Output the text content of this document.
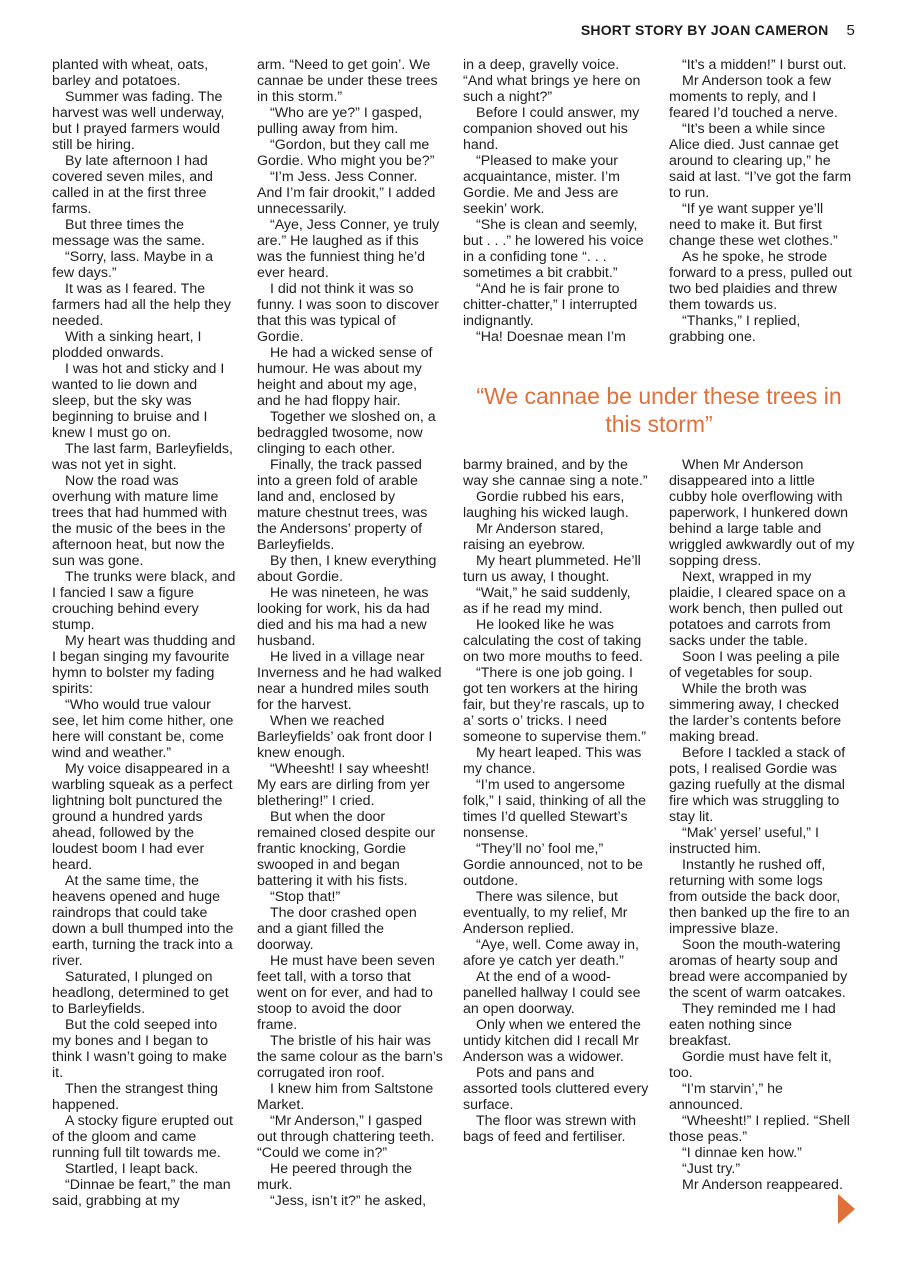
SHORT STORY BY JOAN CAMERON 5

planted with wheat, oats, barley and potatoes.

Summer was fading. The harvest was well underway, but I prayed farmers would still be hiring.

By late afternoon I had covered seven miles, and called in at the first three farms.

But three times the message was the same.

“Sorry, lass. Maybe in a few days.”

It was as I feared. The farmers had all the help they needed.

With a sinking heart, I plodded onwards.

I was hot and sticky and I wanted to lie down and sleep, but the sky was beginning to bruise and I knew I must go on.

The last farm, Barleyfields, was not yet in sight.

Now the road was overhung with mature lime trees that had hummed with the music of the bees in the afternoon heat, but now the sun was gone.

The trunks were black, and I fancied I saw a figure crouching behind every stump.

My heart was thudding and I began singing my favourite hymn to bolster my fading spirits:

“Who would true valour see, let him come hither, one here will constant be, come wind and weather.”

My voice disappeared in a warbling squeak as a perfect lightning bolt punctured the ground a hundred yards ahead, followed by the loudest boom I had ever heard.

At the same time, the heavens opened and huge raindrops that could take down a bull thumped into the earth, turning the track into a river.

Saturated, I plunged on headlong, determined to get to Barleyfields.

But the cold seeped into my bones and I began to think I wasn’t going to make it.

Then the strangest thing happened.

A stocky figure erupted out of the gloom and came running full tilt towards me.

Startled, I leapt back.

“Dinnae be feart,” the man said, grabbing at my

arm. “Need to get goin’. We cannae be under these trees in this storm.”

“Who are ye?” I gasped, pulling away from him.

“Gordon, but they call me Gordie. Who might you be?”

“I’m Jess. Jess Conner. And I’m fair drookit,” I added unnecessarily.

“Aye, Jess Conner, ye truly are.” He laughed as if this was the funniest thing he’d ever heard.

I did not think it was so funny. I was soon to discover that this was typical of Gordie.

He had a wicked sense of humour. He was about my height and about my age, and he had floppy hair.

Together we sloshed on, a bedraggled twosome, now clinging to each other.

Finally, the track passed into a green fold of arable land and, enclosed by mature chestnut trees, was the Andersons’ property of Barleyfields.

By then, I knew everything about Gordie.

He was nineteen, he was looking for work, his da had died and his ma had a new husband.

He lived in a village near Inverness and he had walked near a hundred miles south for the harvest.

When we reached Barleyfields’ oak front door I knew enough.

“Wheesht! I say wheesht! My ears are dirling from yer blethering!” I cried.

But when the door remained closed despite our frantic knocking, Gordie swooped in and began battering it with his fists.

“Stop that!”

The door crashed open and a giant filled the doorway.

He must have been seven feet tall, with a torso that went on for ever, and had to stoop to avoid the door frame.

The bristle of his hair was the same colour as the barn’s corrugated iron roof.

I knew him from Saltstone Market.

“Mr Anderson,” I gasped out through chattering teeth. “Could we come in?”

He peered through the murk.

“Jess, isn’t it?” he asked,

in a deep, gravelly voice. “And what brings ye here on such a night?”

Before I could answer, my companion shoved out his hand.

“Pleased to make your acquaintance, mister. I’m Gordie. Me and Jess are seekin’ work.

“She is clean and seemly, but . . .” he lowered his voice in a confiding tone “. . . sometimes a bit crabbit.”

“And he is fair prone to chitter-chatter,” I interrupted indignantly.

“Ha! Doesnae mean I’m

“It’s a midden!” I burst out.

Mr Anderson took a few moments to reply, and I feared I’d touched a nerve.

“It’s been a while since Alice died. Just cannae get around to clearing up,” he said at last. “I’ve got the farm to run.

“If ye want supper ye’ll need to make it. But first change these wet clothes.”

As he spoke, he strode forward to a press, pulled out two bed plaidies and threw them towards us.

“Thanks,” I replied, grabbing one.

“We cannae be under these trees in this storm”

barmy brained, and by the way she cannae sing a note.”

Gordie rubbed his ears, laughing his wicked laugh.

Mr Anderson stared, raising an eyebrow.

My heart plummeted. He’ll turn us away, I thought.

“Wait,” he said suddenly, as if he read my mind.

He looked like he was calculating the cost of taking on two more mouths to feed.

“There is one job going. I got ten workers at the hiring fair, but they’re rascals, up to a’ sorts o’ tricks. I need someone to supervise them.”

My heart leaped. This was my chance.

“I’m used to angersome folk,” I said, thinking of all the times I’d quelled Stewart’s nonsense.

“They’ll no’ fool me,” Gordie announced, not to be outdone.

There was silence, but eventually, to my relief, Mr Anderson replied.

“Aye, well. Come away in, afore ye catch yer death.”

At the end of a wood-panelled hallway I could see an open doorway.

Only when we entered the untidy kitchen did I recall Mr Anderson was a widower.

Pots and pans and assorted tools cluttered every surface.

The floor was strewn with bags of feed and fertiliser.

When Mr Anderson disappeared into a little cubby hole overflowing with paperwork, I hunkered down behind a large table and wriggled awkwardly out of my sopping dress.

Next, wrapped in my plaidie, I cleared space on a work bench, then pulled out potatoes and carrots from sacks under the table.

Soon I was peeling a pile of vegetables for soup.

While the broth was simmering away, I checked the larder’s contents before making bread.

Before I tackled a stack of pots, I realised Gordie was gazing ruefully at the dismal fire which was struggling to stay lit.

“Mak’ yersel’ useful,” I instructed him.

Instantly he rushed off, returning with some logs from outside the back door, then banked up the fire to an impressive blaze.

Soon the mouth-watering aromas of hearty soup and bread were accompanied by the scent of warm oatcakes.

They reminded me I had eaten nothing since breakfast.

Gordie must have felt it, too.

“I’m starvin’,” he announced.

“Wheesht!” I replied. “Shell those peas.”

“I dinnae ken how.”

“Just try.”

Mr Anderson reappeared.
